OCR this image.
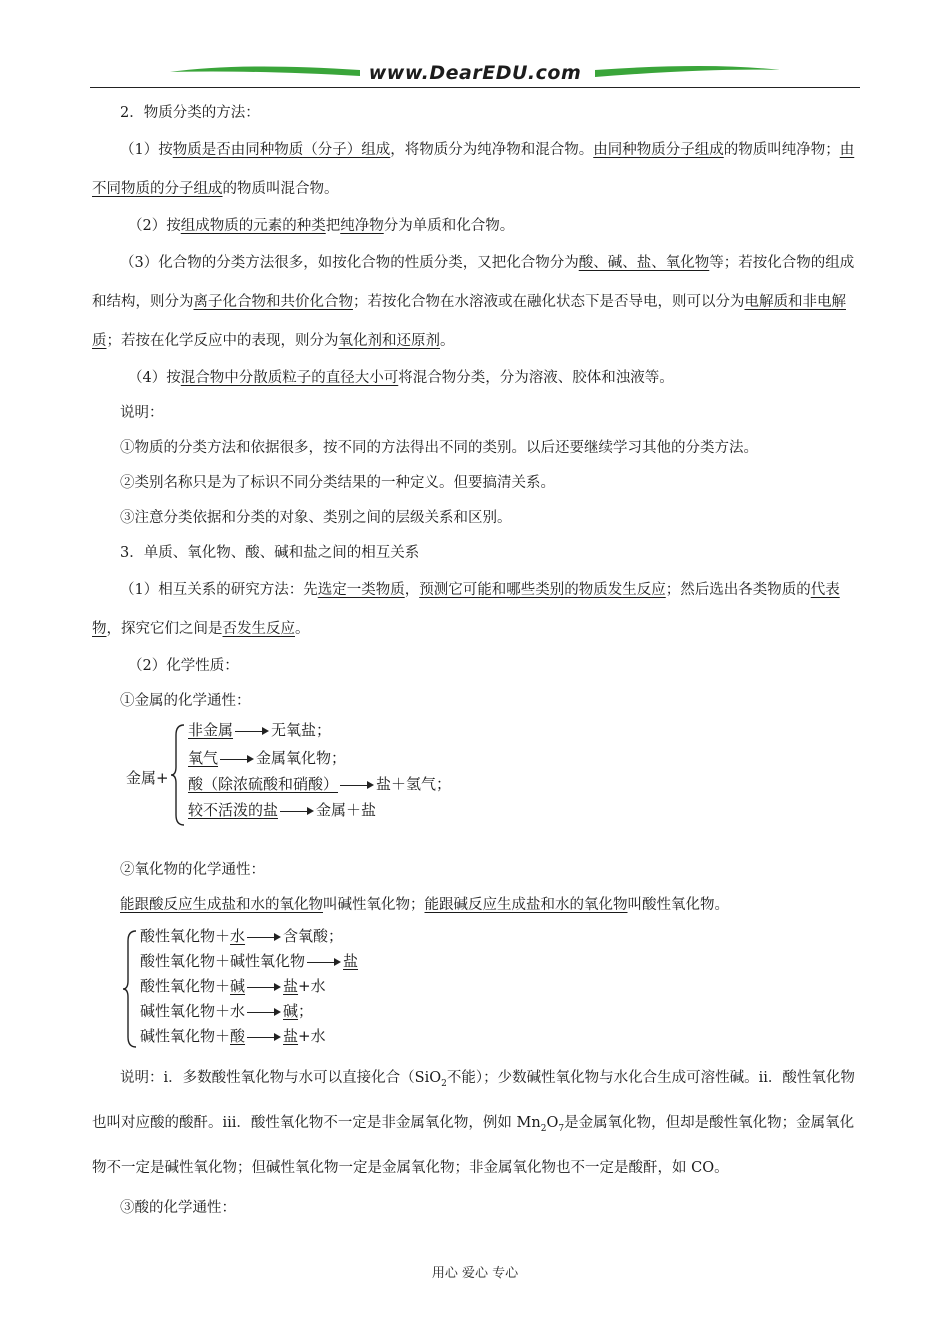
www.DearEDU.com

2．物质分类的方法：

（1）按物质是否由同种物质（分子）组成，将物质分为纯净物和混合物。由同种物质分子组成的物质叫纯净物；由不同物质的分子组成的物质叫混合物。

（2）按组成物质的元素的种类把纯净物分为单质和化合物。

（3）化合物的分类方法很多，如按化合物的性质分类，又把化合物分为酸、碱、盐、氧化物等；若按化合物的组成和结构，则分为离子化合物和共价化合物；若按化合物在水溶液或在融化状态下是否导电，则可以分为电解质和非电解质；若按在化学反应中的表现，则分为氧化剂和还原剂。

（4）按混合物中分散质粒子的直径大小可将混合物分类，分为溶液、胶体和浊液等。

说明：

①物质的分类方法和依据很多，按不同的方法得出不同的类别。以后还要继续学习其他的分类方法。

②类别名称只是为了标识不同分类结果的一种定义。但要搞清关系。

③注意分类依据和分类的对象、类别之间的层级关系和区别。

3．单质、氧化物、酸、碱和盐之间的相互关系

（1）相互关系的研究方法：先选定一类物质，预测它可能和哪些类别的物质发生反应；然后选出各类物质的代表物，探究它们之间是否发生反应。

（2）化学性质：

①金属的化学通性：

金属+
非金属	无氧盐；
氧气	金属氧化物；
酸（除浓硫酸和硝酸）	盐＋氢气；
较不活泼的盐	金属＋盐

②氧化物的化学通性：

能跟酸反应生成盐和水的氧化物叫碱性氧化物；能跟碱反应生成盐和水的氧化物叫酸性氧化物。

酸性氧化物＋水	含氧酸；
酸性氧化物＋碱性氧化物	盐
酸性氧化物＋碱	盐+水
碱性氧化物＋水	碱；
碱性氧化物＋酸	盐+水

说明：ⅰ．多数酸性氧化物与水可以直接化合（SiO$_2$不能）；少数碱性氧化物与水化合生成可溶性碱。ⅱ．酸性氧化物也叫对应酸的酸酐。ⅲ．酸性氧化物不一定是非金属氧化物，例如 $Mn_2O_7$是金属氧化物，但却是酸性氧化物；金属氧化物不一定是碱性氧化物；但碱性氧化物一定是金属氧化物；非金属氧化物也不一定是酸酐，如 CO。

③酸的化学通性：

用心 爱心 专心
